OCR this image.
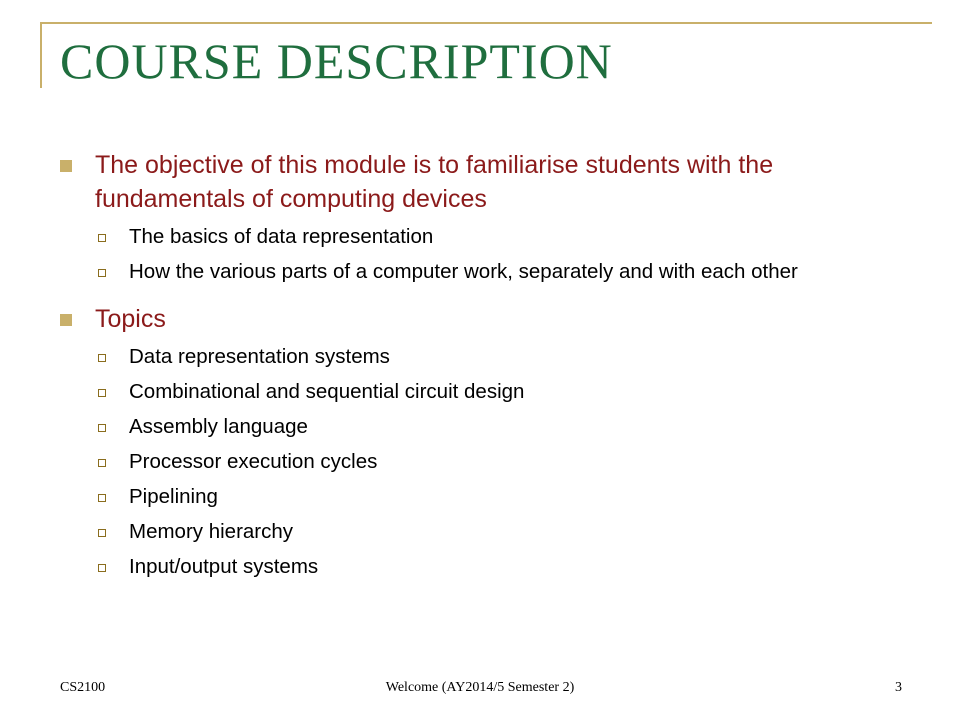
COURSE DESCRIPTION
The objective of this module is to familiarise students with the fundamentals of computing devices
The basics of data representation
How the various parts of a computer work, separately and with each other
Topics
Data representation systems
Combinational and sequential circuit design
Assembly language
Processor execution cycles
Pipelining
Memory hierarchy
Input/output systems
CS2100	Welcome (AY2014/5 Semester 2)	3
